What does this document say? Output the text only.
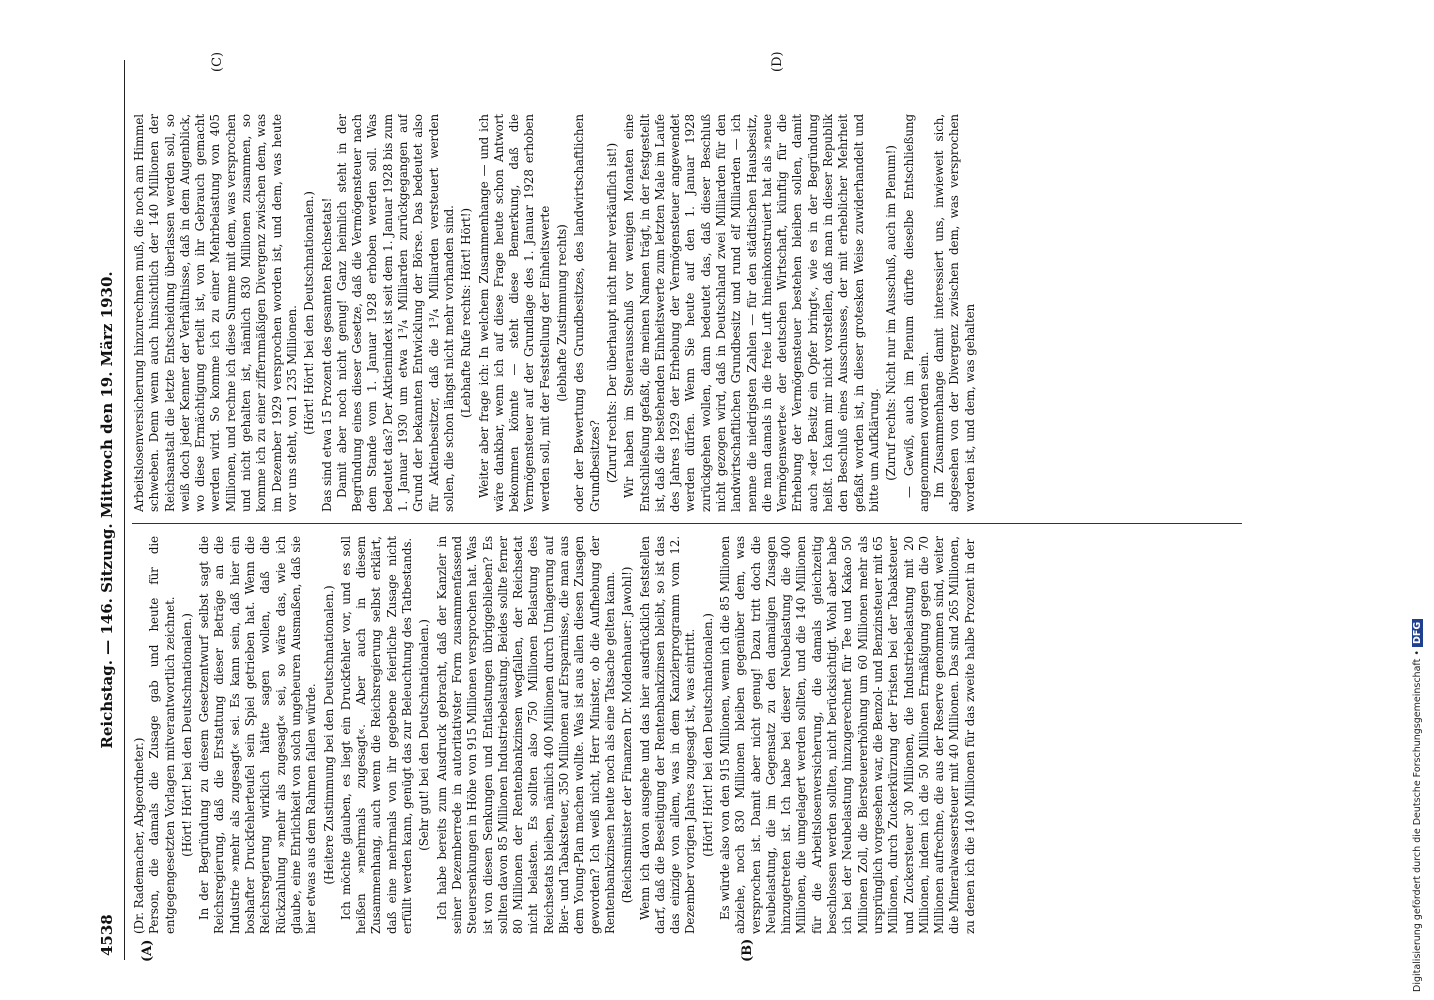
4538
Reichstag. — 146. Sitzung. Mittwoch den 19. März 1930.
(A)	(B)
(C)	(D)

(Dr. Rademacher, Abgeordneter.) Person, die damals die Zusage gab und heute für die entgegengesetzten Vorlagen mitverantwortlich zeichnet. (Hört! Hört! bei den Deutschnationalen.) In der Begründung zu diesem Gesetzentwurf selbst sagt die Reichsregierung, daß die Erstattung dieser Beträge an die Industrie »mehr als zugesagt« sei. Es kann sein, daß hier ein boshafter Druckfehlerteufel sein Spiel getrieben hat. Wenn die Reichsregierung wirklich hätte sagen wollen, daß die Rückzahlung »mehr als zugesagt« sei, so wäre das, wie ich glaube, eine Ehrlichkeit von solch ungeheuren Ausmaßen, daß sie hier etwas aus dem Rahmen fallen würde. (Heitere Zustimmung bei den Deutschnationalen.) Ich möchte glauben, es liegt ein Druckfehler vor, und es soll heißen »mehrmals zugesagt«. Aber auch in diesem Zusammenhang, auch wenn die Reichsregierung selbst erklärt, daß eine mehrmals von ihr gegebene feierliche Zusage nicht erfüllt werden kann, genügt das zur Beleuchtung des Tatbestands. (Sehr gut! bei den Deutschnationalen.) Ich habe bereits zum Ausdruck gebracht, daß der Kanzler in seiner Dezemberrede in autoritativster Form zusammenfassend Steuersenkungen in Höhe von 915 Millionen versprochen hat. Was ist von diesen Senkungen und Entlastungen übriggeblieben? Es sollten davon 85 Millionen Industriebelastung. Beides sollte ferner 80 Millionen der Rentenbankzinsen wegfallen, der Reichsetat nicht belasten. Es sollten also 750 Millionen Belastung des Reichsetats bleiben, nämlich 400 Millionen durch Umlagerung auf Bier- und Tabaksteuer, 350 Millionen auf Ersparnisse, die man aus dem Young-Plan machen wollte. Was ist aus allen diesen Zusagen geworden? Ich weiß nicht, Herr Minister, ob die Aufhebung der Rentenbankzinsen heute noch als eine Tatsache gelten kann. (Reichsminister der Finanzen Dr. Moldenhauer: Jawohl!) Wenn ich davon ausgehe und das hier ausdrücklich feststellen darf, daß die Beseitigung der Rentenbankzinsen bleibt, so ist das das einzige von allem, was in dem Kanzlerprogramm vom 12. Dezember vorigen Jahres zugesagt ist, was eintritt. (Hört! Hört! bei den Deutschnationalen.) Es würde also von den 915 Millionen, wenn ich die 85 Millionen abziehe, noch 830 Millionen bleiben gegenüber dem, was versprochen ist. Damit aber nicht genug! Dazu tritt doch die Neubelastung, die im Gegensatz zu den damaligen Zusagen hinzugetreten ist. Ich habe bei dieser Neubelastung die 400 Millionen, die umgelagert werden sollten, und die 140 Millionen für die Arbeitslosenversicherung, die damals gleichzeitig beschlossen werden sollten, nicht berücksichtigt. Wohl aber habe ich bei der Neubelastung hinzugerechnet für Tee und Kakao 50 Millionen Zoll, die Biersteuererhöhung um 60 Millionen mehr als ursprünglich vorgesehen war, die Benzol- und Benzinsteuer mit 65 Millionen, durch Zuckerkürzung der Fristen bei der Tabaksteuer und Zuckersteuer 30 Millionen, die Industriebelastung mit 20 Millionen, indem ich die 50 Millionen Ermäßigung gegen die 70 Millionen aufrechne, die aus der Reserve genommen sind, weiter die Mineralwassersteuer mit 40 Millionen. Das sind 265 Millionen, zu denen ich die 140 Millionen für das zweite halbe Prozent in der

Arbeitslosenversicherung hinzurechnen muß, die noch am Himmel schweben. Denn wenn auch hinsichtlich der 140 Millionen der Reichsanstalt die letzte Entscheidung überlassen werden soll, so weiß doch jeder Kenner der Verhältnisse, daß in dem Augenblick, wo diese Ermächtigung erteilt ist, von ihr Gebrauch gemacht werden wird. So komme ich zu einer Mehrbelastung von 405 Millionen, und rechne ich diese Summe mit dem, was versprochen und nicht gehalten ist, nämlich 830 Millionen zusammen, so komme ich zu einer ziffernmäßigen Divergenz zwischen dem, was im Dezember 1929 versprochen worden ist, und dem, was heute vor uns steht, von 1 235 Millionen. (Hört! Hört! bei den Deutschnationalen.) Das sind etwa 15 Prozent des gesamten Reichsetats! Damit aber noch nicht genug! Ganz heimlich steht in der Begründung eines dieser Gesetze, daß die Vermögensteuer nach dem Stande vom 1. Januar 1928 erhoben werden soll. Was bedeutet das? Der Aktienindex ist seit dem 1. Januar 1928 bis zum 1. Januar 1930 um etwa 1³/₄ Milliarden zurückgegangen auf Grund der bekannten Entwicklung der Börse. Das bedeutet also für Aktienbesitzer, daß die 1³/₄ Milliarden versteuert werden sollen, die schon längst nicht mehr vorhanden sind. (Lebhafte Rufe rechts: Hört! Hört!) Weiter aber frage ich: In welchem Zusammenhange — und ich wäre dankbar, wenn ich auf diese Frage heute schon Antwort bekommen könnte — steht diese Bemerkung, daß die Vermögensteuer auf der Grundlage des 1. Januar 1928 erhoben werden soll, mit der Feststellung der Einheitswerte (lebhafte Zustimmung rechts) oder der Bewertung des Grundbesitzes, des landwirtschaftlichen Grundbesitzes? (Zuruf rechts: Der überhaupt nicht mehr verkäuflich ist!) Wir haben im Steuerausschuß vor wenigen Monaten eine Entschließung gefaßt, die meinen Namen trägt, in der festgestellt ist, daß die bestehenden Einheitswerte zum letzten Male im Laufe des Jahres 1929 der Erhebung der Vermögensteuer angewendet werden dürfen. Wenn Sie heute auf den 1. Januar 1928 zurückgehen wollen, dann bedeutet das, daß dieser Beschluß nicht gezogen wird, daß in Deutschland zwei Milliarden für den landwirtschaftlichen Grundbesitz und rund elf Milliarden — ich nenne die niedrigsten Zahlen — für den städtischen Hausbesitz, die man damals in die freie Luft hineinkonstruiert hat als »neue Vermögenswerte« der deutschen Wirtschaft, künftig für die Erhebung der Vermögensteuer bestehen bleiben sollen, damit auch »der Besitz ein Opfer bringt«, wie es in der Begründung heißt. Ich kann mir nicht vorstellen, daß man in dieser Republik den Beschluß eines Ausschusses, der mit erheblicher Mehrheit gefaßt worden ist, in dieser grotesken Weise zuwiderhandelt und bitte um Aufklärung. (Zuruf rechts: Nicht nur im Ausschuß, auch im Plenum!) — Gewiß, auch im Plenum dürfte dieselbe Entschließung angenommen worden sein. Im Zusammenhange damit interessiert uns, inwieweit sich, abgesehen von der Divergenz zwischen dem, was versprochen worden ist, und dem, was gehalten

Digitalisierung gefördert durch die Deutsche Forschungsgemeinschaft • DFG
